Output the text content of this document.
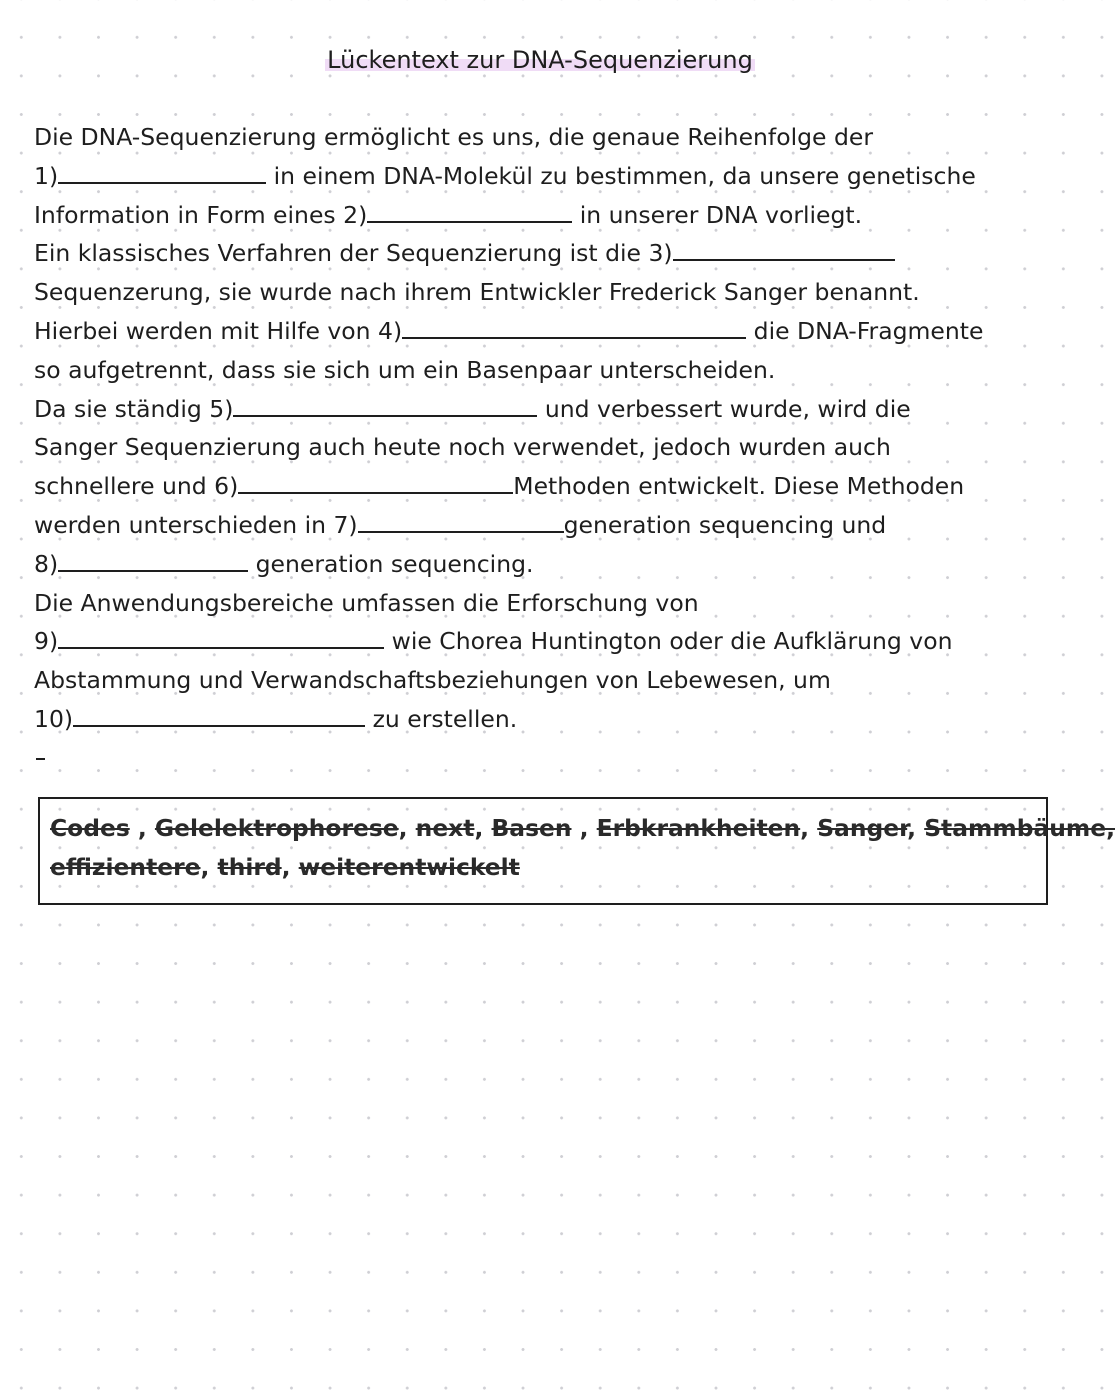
Lückentext zur DNA-Sequenzierung
Die DNA-Sequenzierung ermöglicht es uns, die genaue Reihenfolge der
1)	in einem DNA-Molekül zu bestimmen, da unsere genetische
Information in Form eines 2)	in unserer DNA vorliegt.
Ein klassisches Verfahren der Sequenzierung ist die 3)
Sequenzerung, sie wurde nach ihrem Entwickler Frederick Sanger benannt.
Hierbei werden mit Hilfe von 4)	die DNA-Fragmente
so aufgetrennt, dass sie sich um ein Basenpaar unterscheiden.
Da sie ständig 5)	und verbessert wurde, wird die
Sanger Sequenzierung auch heute noch verwendet, jedoch wurden auch
schnellere und 6)	Methoden entwickelt. Diese Methoden
werden unterschieden in 7)	generation sequencing und
8)	generation sequencing.
Die Anwendungsbereiche umfassen die Erforschung von
9)	wie Chorea Huntington oder die Aufklärung von
Abstammung und Verwandschaftsbeziehungen von Lebewesen, um
10)	zu erstellen.
Codes , Gelelektrophorese, next, Basen , Erbkrankheiten, Sanger, Stammbäume,
effizientere, third, weiterentwickelt
